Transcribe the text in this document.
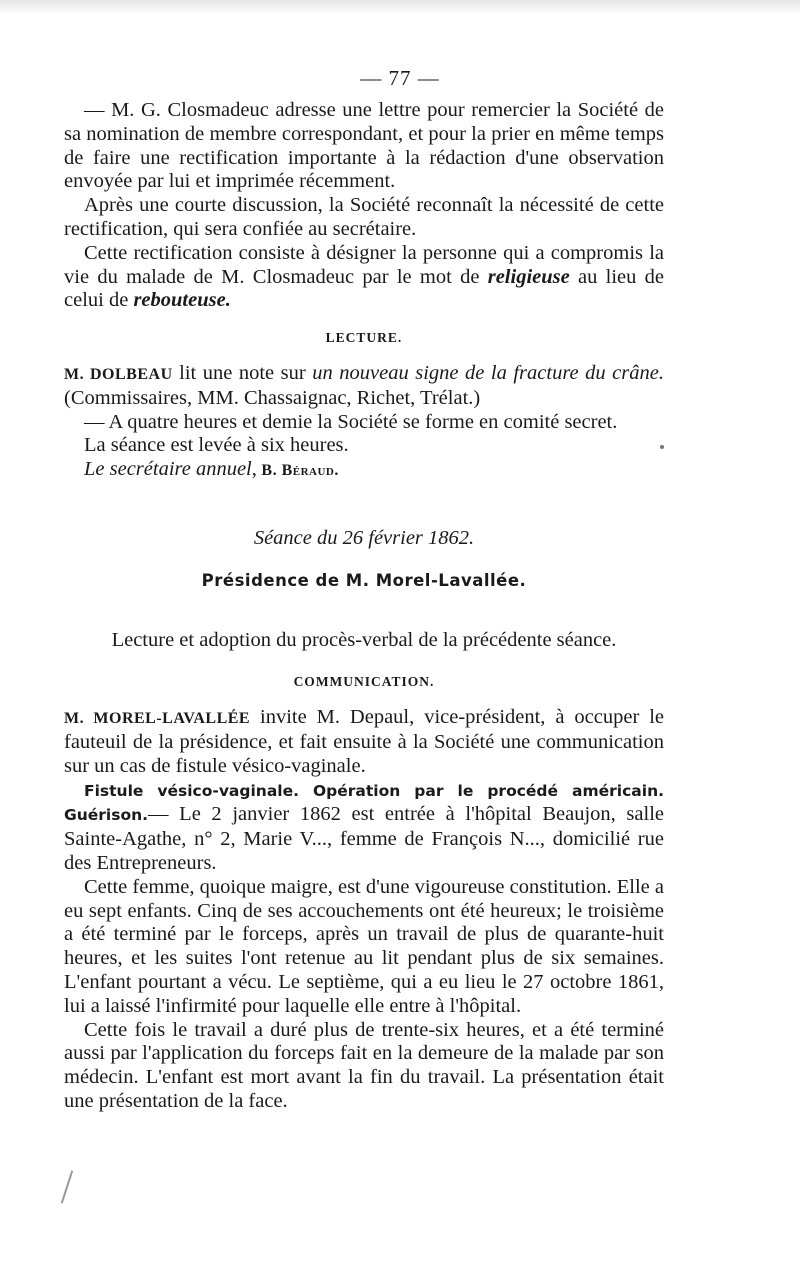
— 77 —

— M. G. Closmadeuc adresse une lettre pour remercier la Société de sa nomination de membre correspondant, et pour la prier en même temps de faire une rectification importante à la rédaction d'une observation envoyée par lui et imprimée récemment.

Après une courte discussion, la Société reconnaît la nécessité de cette rectification, qui sera confiée au secrétaire.

Cette rectification consiste à désigner la personne qui a compromis la vie du malade de M. Closmadeuc par le mot de religieuse au lieu de celui de rebouteuse.

LECTURE.

M. DOLBEAU lit une note sur un nouveau signe de la fracture du crâne. (Commissaires, MM. Chassaignac, Richet, Trélat.)

— A quatre heures et demie la Société se forme en comité secret.

La séance est levée à six heures.

Le secrétaire annuel, B. Béraud.

Séance du 26 février 1862.
Présidence de M. Morel-Lavallée.

Lecture et adoption du procès-verbal de la précédente séance.

COMMUNICATION.

M. MOREL-LAVALLÉE invite M. Depaul, vice-président, à occuper le fauteuil de la présidence, et fait ensuite à la Société une communication sur un cas de fistule vésico-vaginale.

Fistule vésico-vaginale. Opération par le procédé américain. Guérison.— Le 2 janvier 1862 est entrée à l'hôpital Beaujon, salle Sainte-Agathe, n° 2, Marie V..., femme de François N..., domicilié rue des Entrepreneurs.

Cette femme, quoique maigre, est d'une vigoureuse constitution. Elle a eu sept enfants. Cinq de ses accouchements ont été heureux; le troisième a été terminé par le forceps, après un travail de plus de quarante-huit heures, et les suites l'ont retenue au lit pendant plus de six semaines. L'enfant pourtant a vécu. Le septième, qui a eu lieu le 27 octobre 1861, lui a laissé l'infirmité pour laquelle elle entre à l'hôpital.

Cette fois le travail a duré plus de trente-six heures, et a été terminé aussi par l'application du forceps fait en la demeure de la malade par son médecin. L'enfant est mort avant la fin du travail. La présentation était une présentation de la face.
